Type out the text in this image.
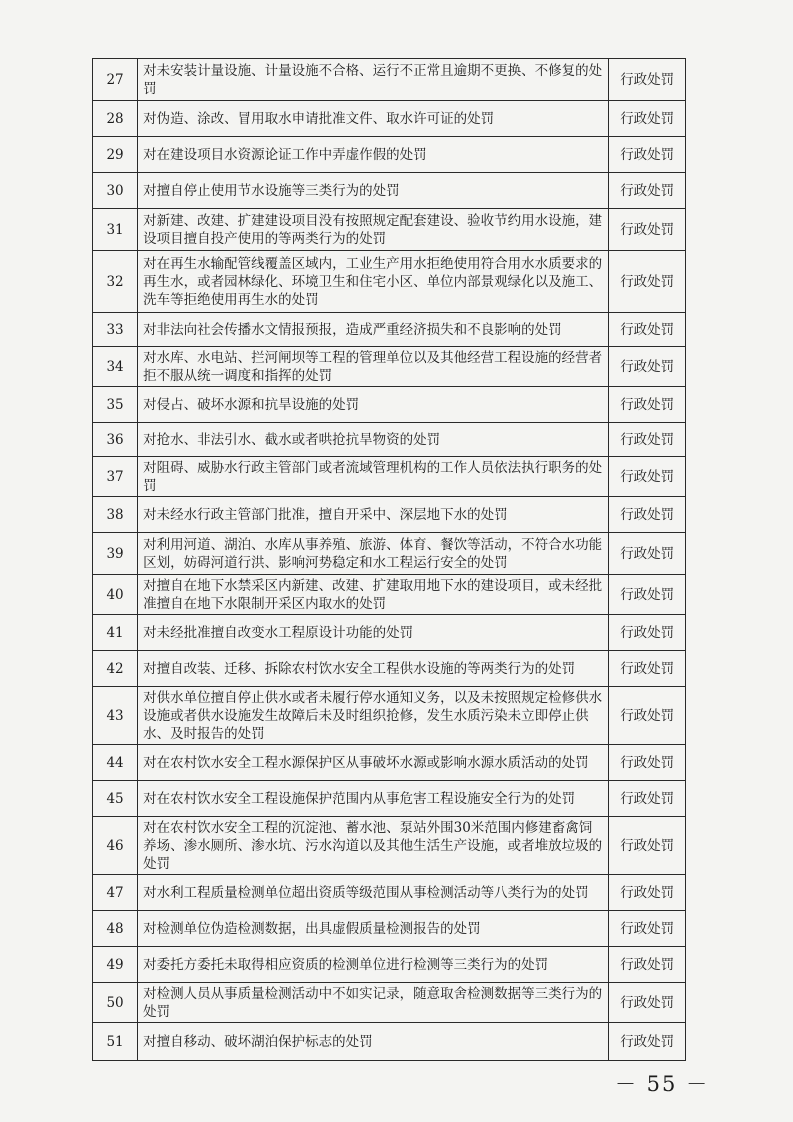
27	对未安装计量设施、计量设施不合格、运行不正常且逾期不更换、不修复的处罚	行政处罚
28	对伪造、涂改、冒用取水申请批准文件、取水许可证的处罚	行政处罚
29	对在建设项目水资源论证工作中弄虚作假的处罚	行政处罚
30	对擅自停止使用节水设施等三类行为的处罚	行政处罚
31	对新建、改建、扩建建设项目没有按照规定配套建设、验收节约用水设施，建设项目擅自投产使用的等两类行为的处罚	行政处罚
32	对在再生水输配管线覆盖区域内，工业生产用水拒绝使用符合用水水质要求的再生水，或者园林绿化、环境卫生和住宅小区、单位内部景观绿化以及施工、洗车等拒绝使用再生水的处罚	行政处罚
33	对非法向社会传播水文情报预报，造成严重经济损失和不良影响的处罚	行政处罚
34	对水库、水电站、拦河闸坝等工程的管理单位以及其他经营工程设施的经营者拒不服从统一调度和指挥的处罚	行政处罚
35	对侵占、破坏水源和抗旱设施的处罚	行政处罚
36	对抢水、非法引水、截水或者哄抢抗旱物资的处罚	行政处罚
37	对阻碍、威胁水行政主管部门或者流域管理机构的工作人员依法执行职务的处罚	行政处罚
38	对未经水行政主管部门批准，擅自开采中、深层地下水的处罚	行政处罚
39	对利用河道、湖泊、水库从事养殖、旅游、体育、餐饮等活动，不符合水功能区划，妨碍河道行洪、影响河势稳定和水工程运行安全的处罚	行政处罚
40	对擅自在地下水禁采区内新建、改建、扩建取用地下水的建设项目，或未经批准擅自在地下水限制开采区内取水的处罚	行政处罚
41	对未经批准擅自改变水工程原设计功能的处罚	行政处罚
42	对擅自改装、迁移、拆除农村饮水安全工程供水设施的等两类行为的处罚	行政处罚
43	对供水单位擅自停止供水或者未履行停水通知义务，以及未按照规定检修供水设施或者供水设施发生故障后未及时组织抢修，发生水质污染未立即停止供水、及时报告的处罚	行政处罚
44	对在农村饮水安全工程水源保护区从事破坏水源或影响水源水质活动的处罚	行政处罚
45	对在农村饮水安全工程设施保护范围内从事危害工程设施安全行为的处罚	行政处罚
46	对在农村饮水安全工程的沉淀池、蓄水池、泵站外围30米范围内修建畜禽饲养场、渗水厕所、渗水坑、污水沟道以及其他生活生产设施，或者堆放垃圾的处罚	行政处罚
47	对水利工程质量检测单位超出资质等级范围从事检测活动等八类行为的处罚	行政处罚
48	对检测单位伪造检测数据，出具虚假质量检测报告的处罚	行政处罚
49	对委托方委托未取得相应资质的检测单位进行检测等三类行为的处罚	行政处罚
50	对检测人员从事质量检测活动中不如实记录，随意取舍检测数据等三类行为的处罚	行政处罚
51	对擅自移动、破坏湖泊保护标志的处罚	行政处罚
－ 55 －
